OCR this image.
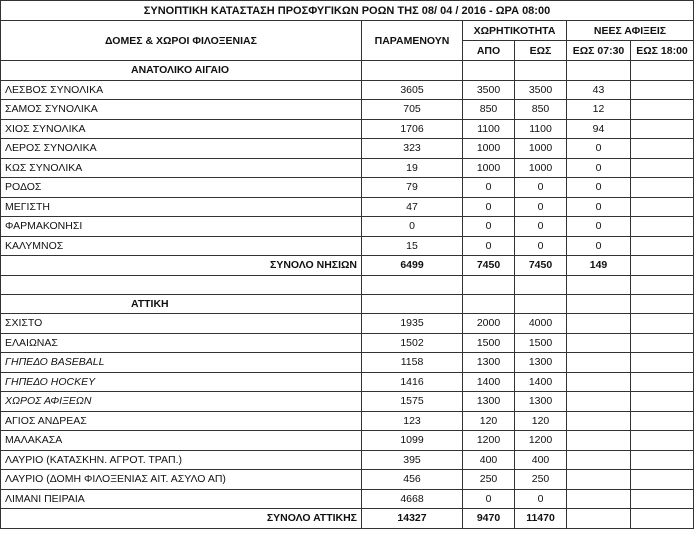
ΣΥΝΟΠΤΙΚΗ ΚΑΤΑΣΤΑΣΗ ΠΡΟΣΦΥΓΙΚΩΝ ΡΟΩΝ ΤΗΣ 08/ 04 / 2016 - ΩΡΑ 08:00					
ΔΟΜΕΣ & ΧΩΡΟΙ ΦΙΛΟΞΕΝΙΑΣ	ΠΑΡΑΜΕΝΟΥΝ	ΧΩΡΗΤΙΚΟΤΗΤΑ		ΝΕΕΣ ΑΦΙΞΕΙΣ	
		ΑΠΟ	ΕΩΣ	ΕΩΣ 07:30	ΕΩΣ 18:00
ΑΝΑΤΟΛΙΚΟ ΑΙΓΑΙΟ					
ΛΕΣΒΟΣ ΣΥΝΟΛΙΚΑ	3605	3500	3500	43	
ΣΑΜΟΣ ΣΥΝΟΛΙΚΑ	705	850	850	12	
ΧΙΟΣ ΣΥΝΟΛΙΚΑ	1706	1100	1100	94	
ΛΕΡΟΣ ΣΥΝΟΛΙΚΑ	323	1000	1000	0	
ΚΩΣ ΣΥΝΟΛΙΚΑ	19	1000	1000	0	
ΡΟΔΟΣ	79	0	0	0	
ΜΕΓΙΣΤΗ	47	0	0	0	
ΦΑΡΜΑΚΟΝΗΣΙ	0	0	0	0	
ΚΑΛΥΜΝΟΣ	15	0	0	0	
ΣΥΝΟΛΟ ΝΗΣΙΩΝ	6499	7450	7450	149	

ΑΤΤΙΚΗ					
ΣΧΙΣΤΟ	1935	2000	4000		
ΕΛΑΙΩΝΑΣ	1502	1500	1500		
ΓΗΠΕΔΟ BASEBALL	1158	1300	1300		
ΓΗΠΕΔΟ HOCKEY	1416	1400	1400		
ΧΩΡΟΣ ΑΦΙΞΕΩΝ	1575	1300	1300		
ΑΓΙΟΣ ΑΝΔΡΕΑΣ	123	120	120		
ΜΑΛΑΚΑΣΑ	1099	1200	1200		
ΛΑΥΡΙΟ (ΚΑΤΑΣΚΗΝ. ΑΓΡΟΤ. ΤΡΑΠ.)	395	400	400		
ΛΑΥΡΙΟ (ΔΟΜΗ ΦΙΛΟΞΕΝΙΑΣ ΑΙΤ. ΑΣΥΛΟ ΑΠ)	456	250	250		
ΛΙΜΑΝΙ ΠΕΙΡΑΙΑ	4668	0	0		
ΣΥΝΟΛΟ ΑΤΤΙΚΗΣ	14327	9470	11470		
